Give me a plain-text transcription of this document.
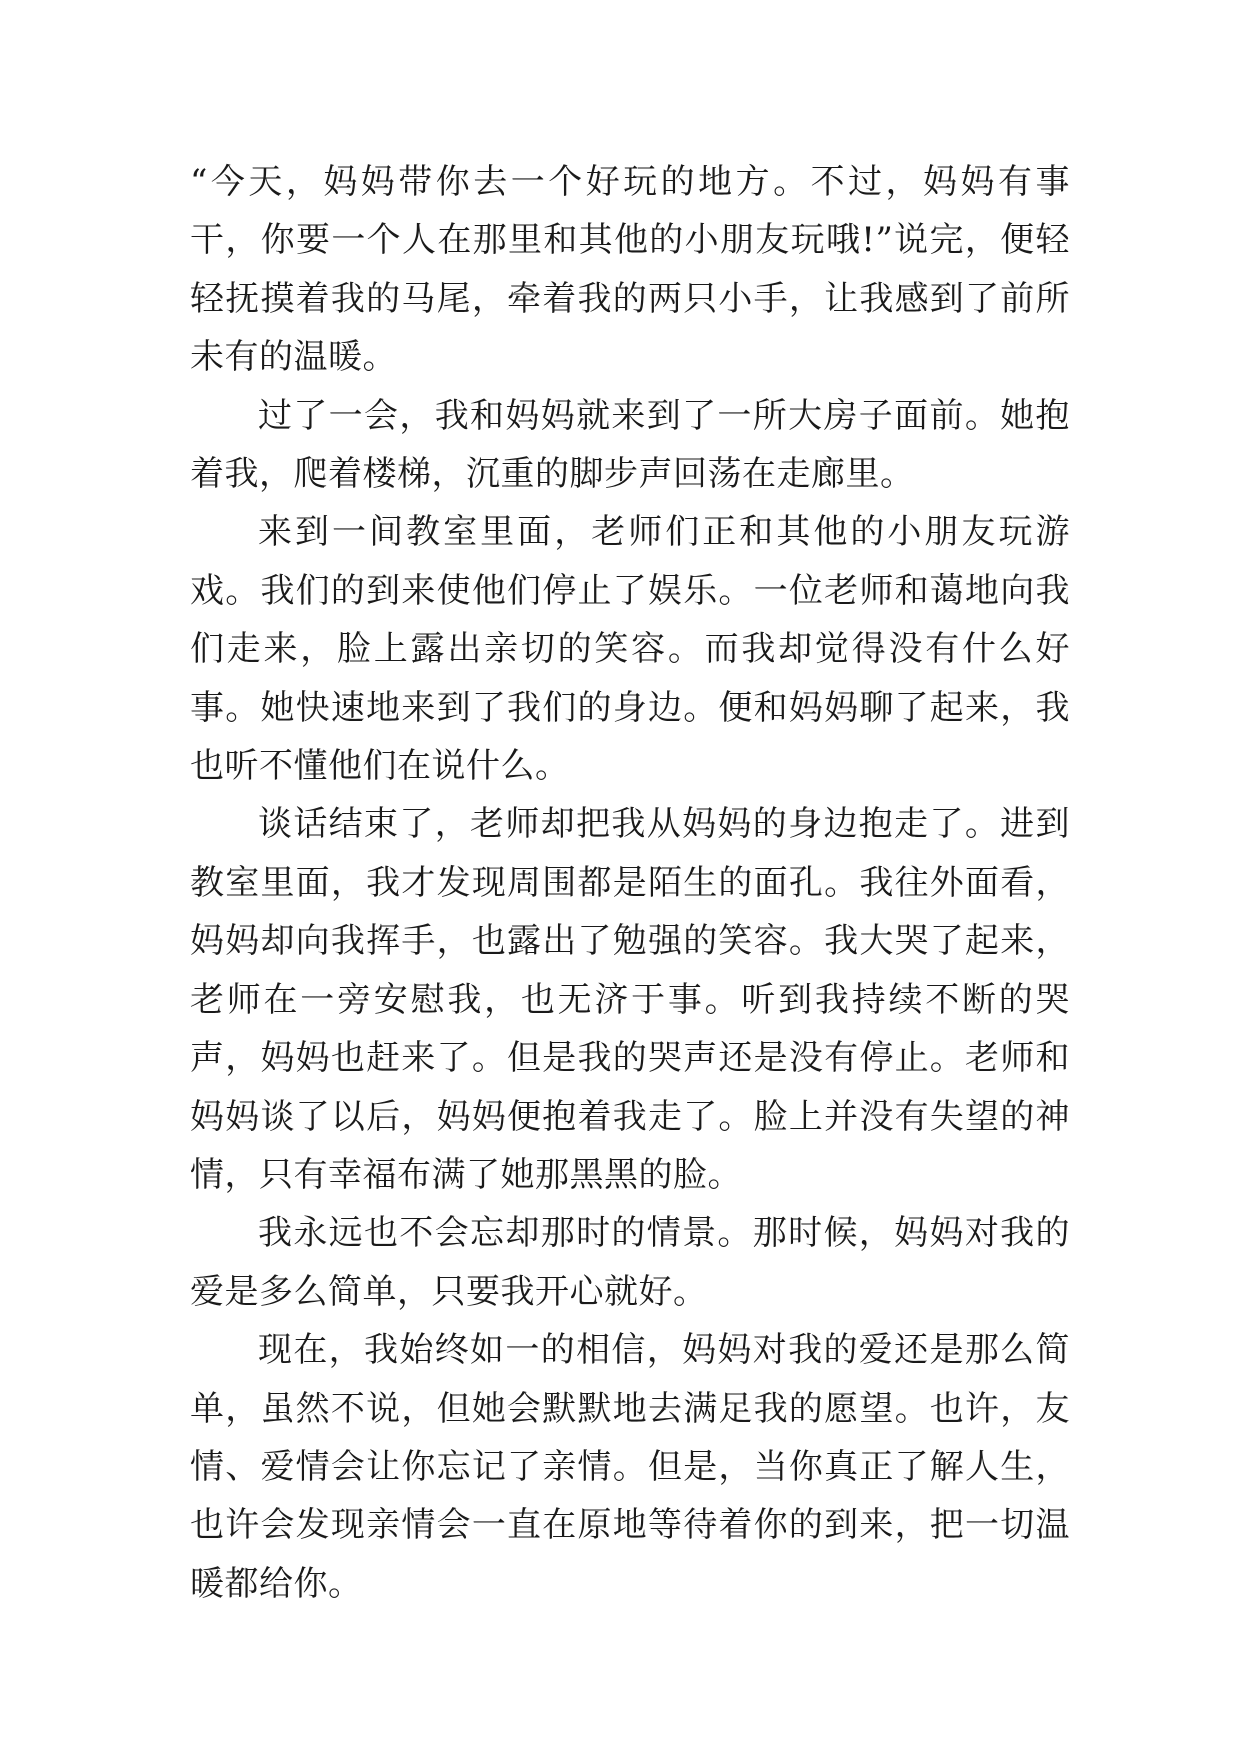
“今天，妈妈带你去一个好玩的地方。不过，妈妈有事干，你要一个人在那里和其他的小朋友玩哦!”说完，便轻轻抚摸着我的马尾，牵着我的两只小手，让我感到了前所未有的温暖。

过了一会，我和妈妈就来到了一所大房子面前。她抱着我，爬着楼梯，沉重的脚步声回荡在走廊里。

来到一间教室里面，老师们正和其他的小朋友玩游戏。我们的到来使他们停止了娱乐。一位老师和蔼地向我们走来，脸上露出亲切的笑容。而我却觉得没有什么好事。她快速地来到了我们的身边。便和妈妈聊了起来，我也听不懂他们在说什么。

谈话结束了，老师却把我从妈妈的身边抱走了。进到教室里面，我才发现周围都是陌生的面孔。我往外面看，妈妈却向我挥手，也露出了勉强的笑容。我大哭了起来，老师在一旁安慰我，也无济于事。听到我持续不断的哭声，妈妈也赶来了。但是我的哭声还是没有停止。老师和妈妈谈了以后，妈妈便抱着我走了。脸上并没有失望的神情，只有幸福布满了她那黑黑的脸。

我永远也不会忘却那时的情景。那时候，妈妈对我的爱是多么简单，只要我开心就好。

现在，我始终如一的相信，妈妈对我的爱还是那么简单，虽然不说，但她会默默地去满足我的愿望。也许，友情、爱情会让你忘记了亲情。但是，当你真正了解人生，也许会发现亲情会一直在原地等待着你的到来，把一切温暖都给你。
